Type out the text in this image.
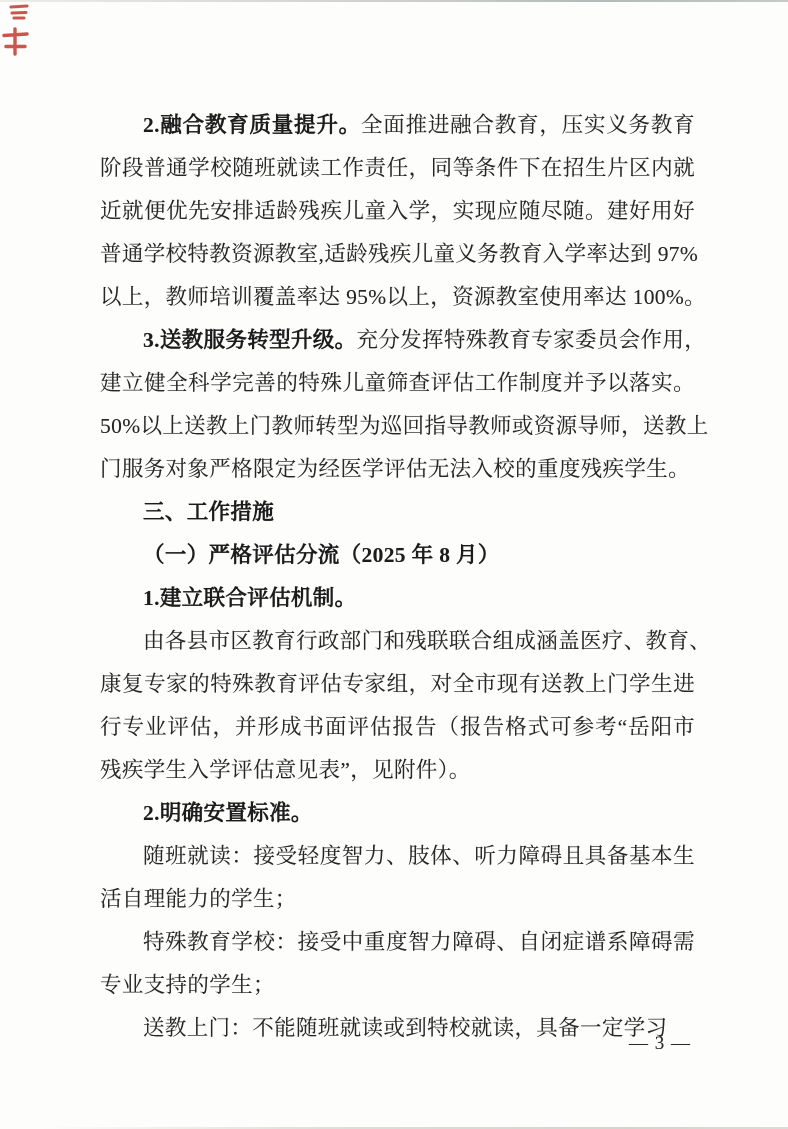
2.融合教育质量提升。全面推进融合教育，压实义务教育
阶段普通学校随班就读工作责任，同等条件下在招生片区内就
近就便优先安排适龄残疾儿童入学，实现应随尽随。建好用好
普通学校特教资源教室,适龄残疾儿童义务教育入学率达到 97%
以上，教师培训覆盖率达 95%以上，资源教室使用率达 100%。
3.送教服务转型升级。充分发挥特殊教育专家委员会作用，
建立健全科学完善的特殊儿童筛查评估工作制度并予以落实。
50%以上送教上门教师转型为巡回指导教师或资源导师，送教上
门服务对象严格限定为经医学评估无法入校的重度残疾学生。
三、工作措施
（一）严格评估分流（2025 年 8 月）
1.建立联合评估机制。
由各县市区教育行政部门和残联联合组成涵盖医疗、教育、
康复专家的特殊教育评估专家组，对全市现有送教上门学生进
行专业评估，并形成书面评估报告（报告格式可参考“岳阳市
残疾学生入学评估意见表”，见附件）。
2.明确安置标准。
随班就读：接受轻度智力、肢体、听力障碍且具备基本生
活自理能力的学生；
特殊教育学校：接受中重度智力障碍、自闭症谱系障碍需
专业支持的学生；
送教上门：不能随班就读或到特校就读，具备一定学习
— 3 —
